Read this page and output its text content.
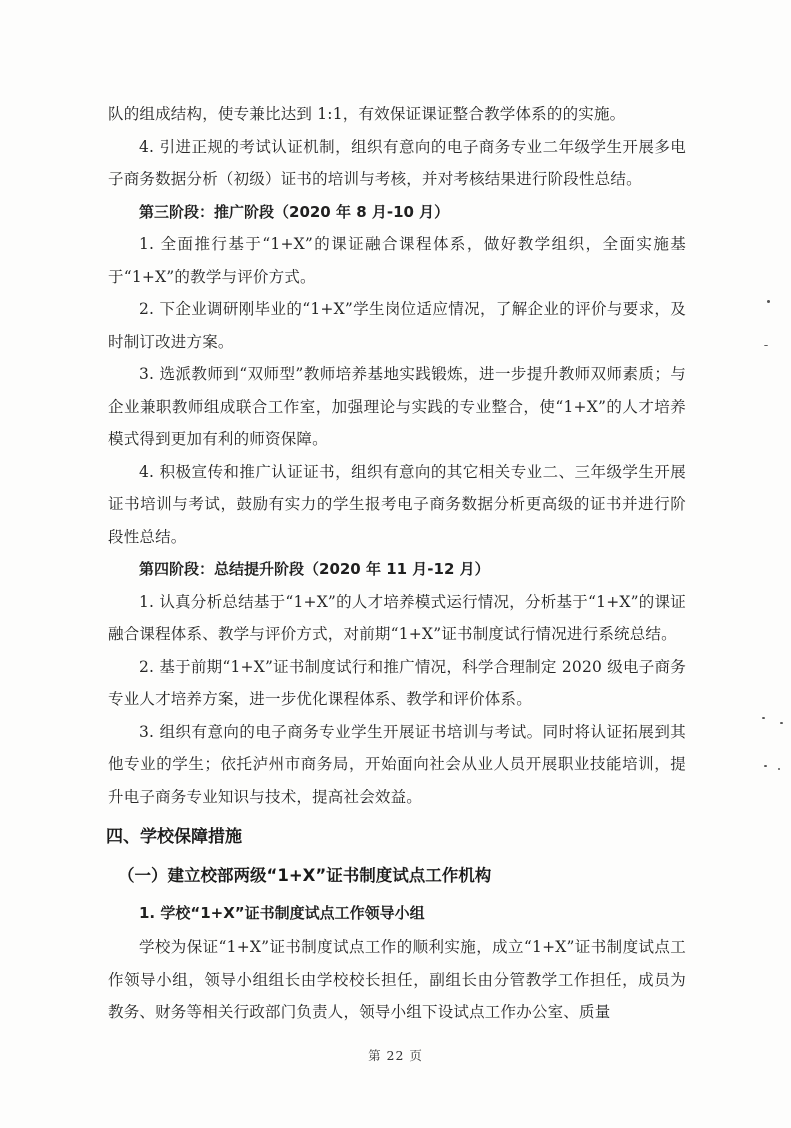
队的组成结构，使专兼比达到 1:1，有效保证课证整合教学体系的的实施。

4. 引进正规的考试认证机制，组织有意向的电子商务专业二年级学生开展多电子商务数据分析（初级）证书的培训与考核，并对考核结果进行阶段性总结。

第三阶段：推广阶段（2020 年 8 月-10 月）

1. 全面推行基于“1+X”的课证融合课程体系，做好教学组织，全面实施基于“1+X”的教学与评价方式。

2. 下企业调研刚毕业的“1+X”学生岗位适应情况，了解企业的评价与要求，及时制订改进方案。

3. 选派教师到“双师型”教师培养基地实践锻炼，进一步提升教师双师素质；与企业兼职教师组成联合工作室，加强理论与实践的专业整合，使“1+X”的人才培养模式得到更加有利的师资保障。

4. 积极宣传和推广认证证书，组织有意向的其它相关专业二、三年级学生开展证书培训与考试，鼓励有实力的学生报考电子商务数据分析更高级的证书并进行阶段性总结。

第四阶段：总结提升阶段（2020 年 11 月-12 月）

1. 认真分析总结基于“1+X”的人才培养模式运行情况，分析基于“1+X”的课证融合课程体系、教学与评价方式，对前期“1+X”证书制度试行情况进行系统总结。

2. 基于前期“1+X”证书制度试行和推广情况，科学合理制定 2020 级电子商务专业人才培养方案，进一步优化课程体系、教学和评价体系。

3. 组织有意向的电子商务专业学生开展证书培训与考试。同时将认证拓展到其他专业的学生；依托泸州市商务局，开始面向社会从业人员开展职业技能培训，提升电子商务专业知识与技术，提高社会效益。

四、学校保障措施

（一）建立校部两级“1+X”证书制度试点工作机构

1. 学校“1+X”证书制度试点工作领导小组

学校为保证“1+X”证书制度试点工作的顺利实施，成立“1+X”证书制度试点工作领导小组，领导小组组长由学校校长担任，副组长由分管教学工作担任，成员为教务、财务等相关行政部门负责人，领导小组下设试点工作办公室、质量

第 22 页
